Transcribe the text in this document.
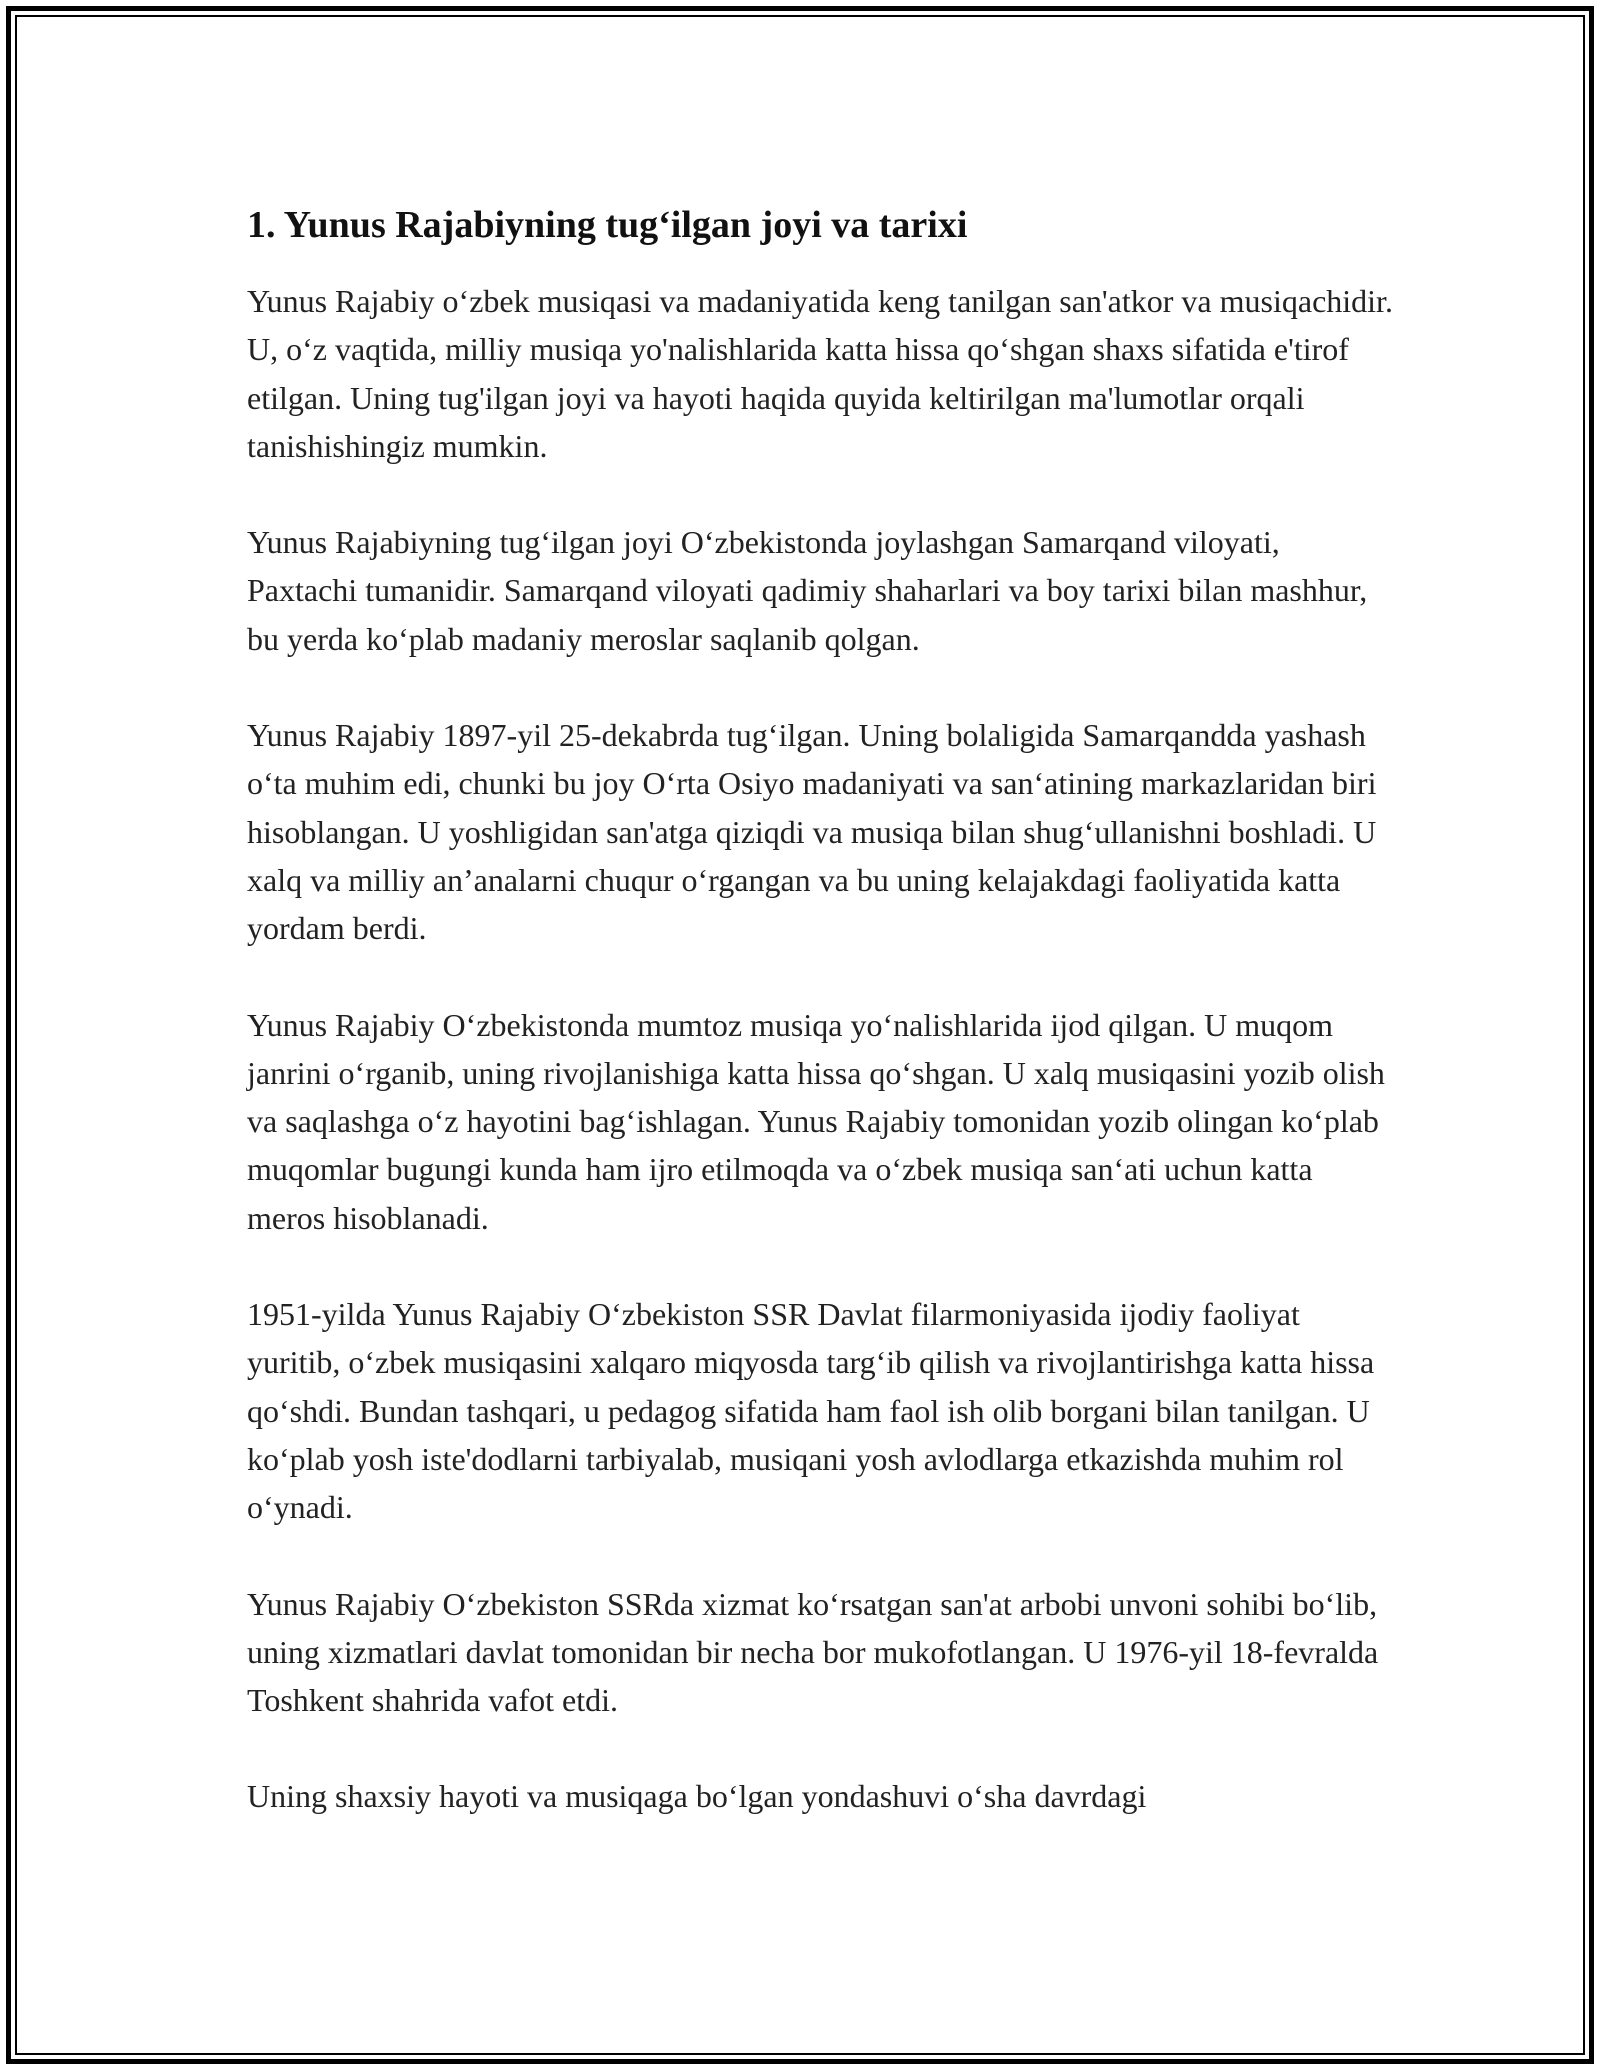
1. Yunus Rajabiyning tug‘ilgan joyi va tarixi

Yunus Rajabiy o‘zbek musiqasi va madaniyatida keng tanilgan san'atkor va musiqachidir. U, o‘z vaqtida, milliy musiqa yo'nalishlarida katta hissa qo‘shgan shaxs sifatida e'tirof etilgan. Uning tug'ilgan joyi va hayoti haqida quyida keltirilgan ma'lumotlar orqali tanishishingiz mumkin.

Yunus Rajabiyning tug‘ilgan joyi O‘zbekistonda joylashgan Samarqand viloyati, Paxtachi tumanidir. Samarqand viloyati qadimiy shaharlari va boy tarixi bilan mashhur, bu yerda ko‘plab madaniy meroslar saqlanib qolgan.

Yunus Rajabiy 1897-yil 25-dekabrda tug‘ilgan. Uning bolaligida Samarqandda yashash o‘ta muhim edi, chunki bu joy O‘rta Osiyo madaniyati va san‘atining markazlaridan biri hisoblangan. U yoshligidan san'atga qiziqdi va musiqa bilan shug‘ullanishni boshladi. U xalq va milliy an’analarni chuqur o‘rgangan va bu uning kelajakdagi faoliyatida katta yordam berdi.

Yunus Rajabiy O‘zbekistonda mumtoz musiqa yo‘nalishlarida ijod qilgan. U muqom janrini o‘rganib, uning rivojlanishiga katta hissa qo‘shgan. U xalq musiqasini yozib olish va saqlashga o‘z hayotini bag‘ishlagan. Yunus Rajabiy tomonidan yozib olingan ko‘plab muqomlar bugungi kunda ham ijro etilmoqda va o‘zbek musiqa san‘ati uchun katta meros hisoblanadi.

1951-yilda Yunus Rajabiy O‘zbekiston SSR Davlat filarmoniyasida ijodiy faoliyat yuritib, o‘zbek musiqasini xalqaro miqyosda targ‘ib qilish va rivojlantirishga katta hissa qo‘shdi. Bundan tashqari, u pedagog sifatida ham faol ish olib borgani bilan tanilgan. U ko‘plab yosh iste'dodlarni tarbiyalab, musiqani yosh avlodlarga etkazishda muhim rol o‘ynadi.

Yunus Rajabiy O‘zbekiston SSRda xizmat ko‘rsatgan san'at arbobi unvoni sohibi bo‘lib, uning xizmatlari davlat tomonidan bir necha bor mukofotlangan. U 1976-yil 18-fevralda Toshkent shahrida vafot etdi.

Uning shaxsiy hayoti va musiqaga bo‘lgan yondashuvi o‘sha davrdagi
